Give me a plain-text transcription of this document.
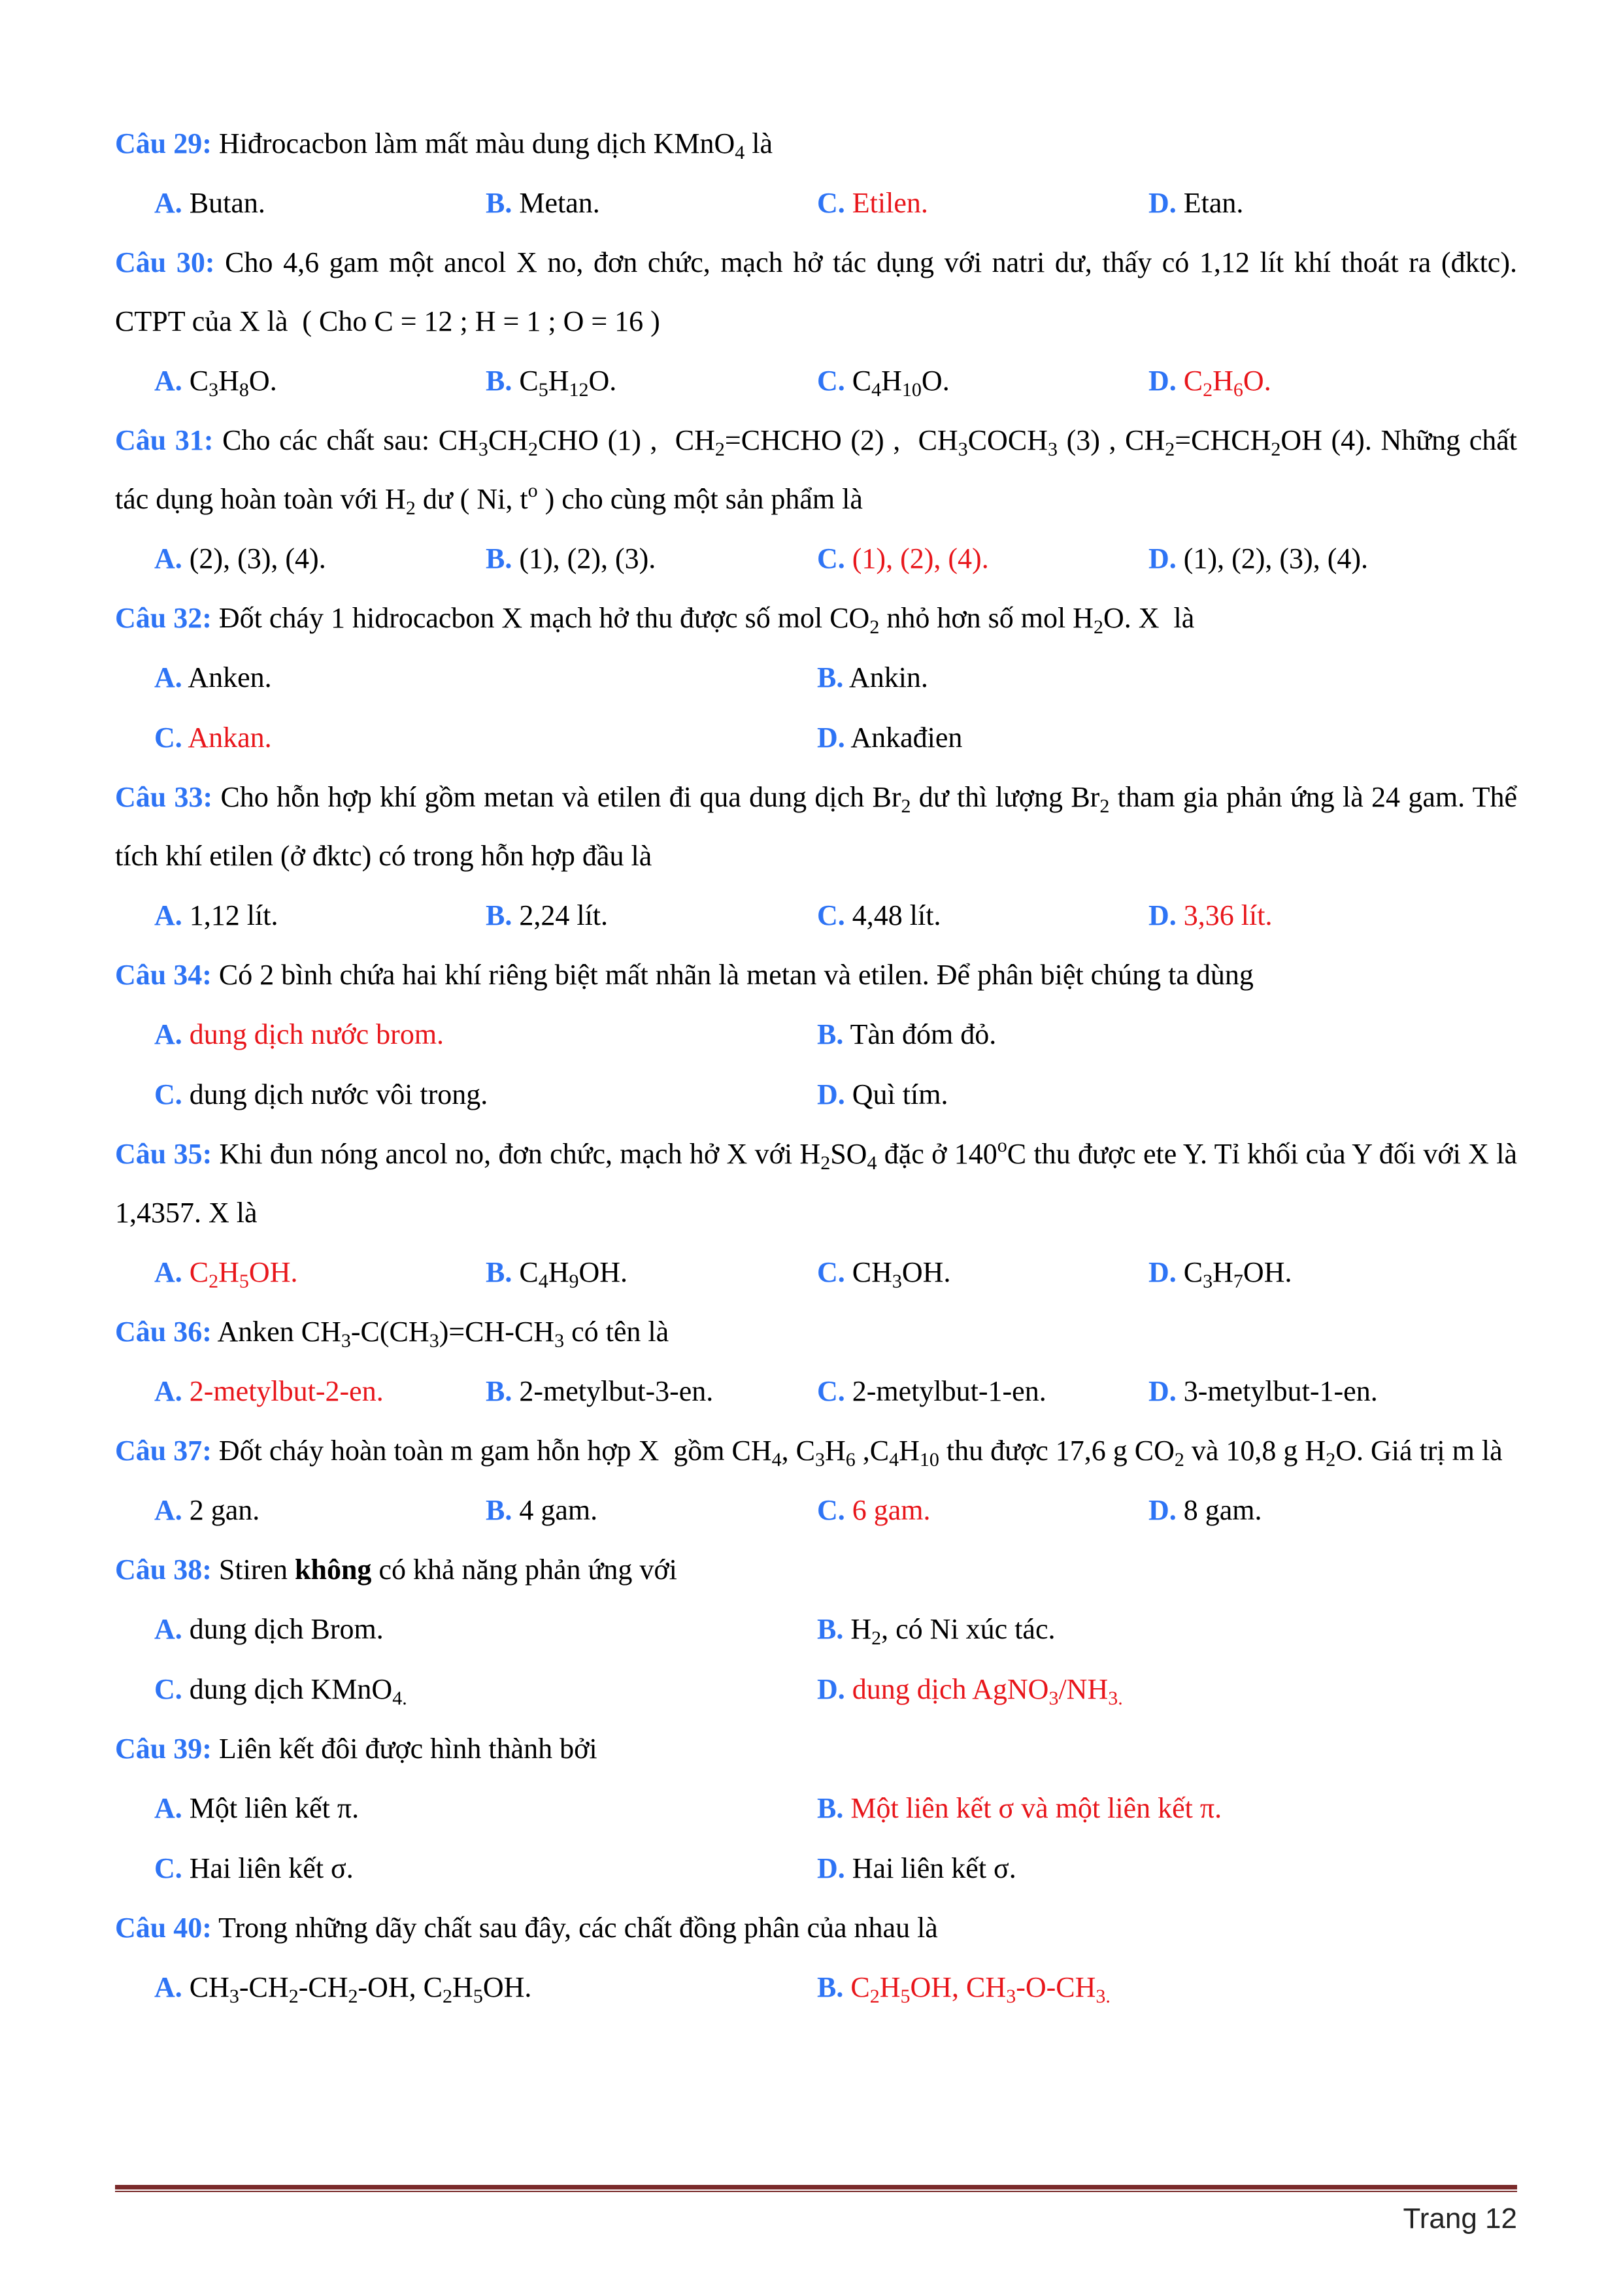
Câu 29: Hiđrocacbon làm mất màu dung dịch KMnO$_4$ là

A. Butan.	B. Metan.	C. Etilen.	D. Etan.

Câu 30: Cho 4,6 gam một ancol X no, đơn chức, mạch hở tác dụng với natri dư, thấy có 1,12 lít khí thoát ra (đktc). CTPT của X là  ( Cho C = 12 ; H = 1 ; O = 16 )

A. $C_3H_8O$.	B. $C_5H_{12}O$.	C. $C_4H_{10}O$.	D. $C_2H_6O$.

Câu 31: Cho các chất sau: $CH_3CH_2CHO$ (1) ,  $CH_2=CHCHO$ (2) ,  $CH_3COCH_3$ (3) , $CH_2=CHCH_2OH$ (4). Những chất tác dụng hoàn toàn với $H_2$ dư ( Ni, $t^o$ ) cho cùng một sản phẩm là

A. (2), (3), (4).	B. (1), (2), (3).	C. (1), (2), (4).	D. (1), (2), (3), (4).

Câu 32: Đốt cháy 1 hidrocacbon X mạch hở thu được số mol $CO_2$ nhỏ hơn số mol $H_2O$. X  là

A. Anken.	B. Ankin.
C. Ankan.	D. Ankađien

Câu 33: Cho hỗn hợp khí gồm metan và etilen đi qua dung dịch $Br_2$ dư thì lượng $Br_2$ tham gia phản ứng là 24 gam. Thể tích khí etilen (ở đktc) có trong hỗn hợp đầu là

A. 1,12 lít.	B. 2,24 lít.	C. 4,48 lít.	D. 3,36 lít.

Câu 34: Có 2 bình chứa hai khí riêng biệt mất nhãn là metan và etilen. Để phân biệt chúng ta dùng

A. dung dịch nước brom.	B. Tàn đóm đỏ.
C. dung dịch nước vôi trong.	D. Quì tím.

Câu 35: Khi đun nóng ancol no, đơn chức, mạch hở X với $H_2SO_4$ đặc ở 140$^o$C thu được ete Y. Tỉ khối của Y đối với X là 1,4357. X là

A. $C_2H_5OH$.	B. $C_4H_9OH$.	C. $CH_3OH$.	D. $C_3H_7OH$.

Câu 36: Anken $CH_3-C(CH_3)=CH-CH_3$ có tên là

A. 2-metylbut-2-en.	B. 2-metylbut-3-en.	C. 2-metylbut-1-en.	D. 3-metylbut-1-en.

Câu 37: Đốt cháy hoàn toàn m gam hỗn hợp X  gồm $CH_4$, $C_3H_6$ $,C_4H_{10}$ thu được 17,6 g $CO_2$ và 10,8 g $H_2O$. Giá trị m là

A. 2 gan.	B. 4 gam.	C. 6 gam.	D. 8 gam.

Câu 38: Stiren không có khả năng phản ứng với

A. dung dịch Brom.	B. $H_2$, có Ni xúc tác.
C. dung dịch KMnO$_{4.}$	D. dung dịch $AgNO_3/NH_{3.}$

Câu 39: Liên kết đôi được hình thành bởi

A. Một liên kết π.	B. Một liên kết σ và một liên kết π.
C. Hai liên kết σ.	D. Hai liên kết σ.

Câu 40: Trong những dãy chất sau đây, các chất đồng phân của nhau là

A. $CH_3-CH_2-CH_2-OH$, $C_2H_5OH$.	B. $C_2H_5OH$, $CH_3-O-CH_{3.}$
Trang 12
